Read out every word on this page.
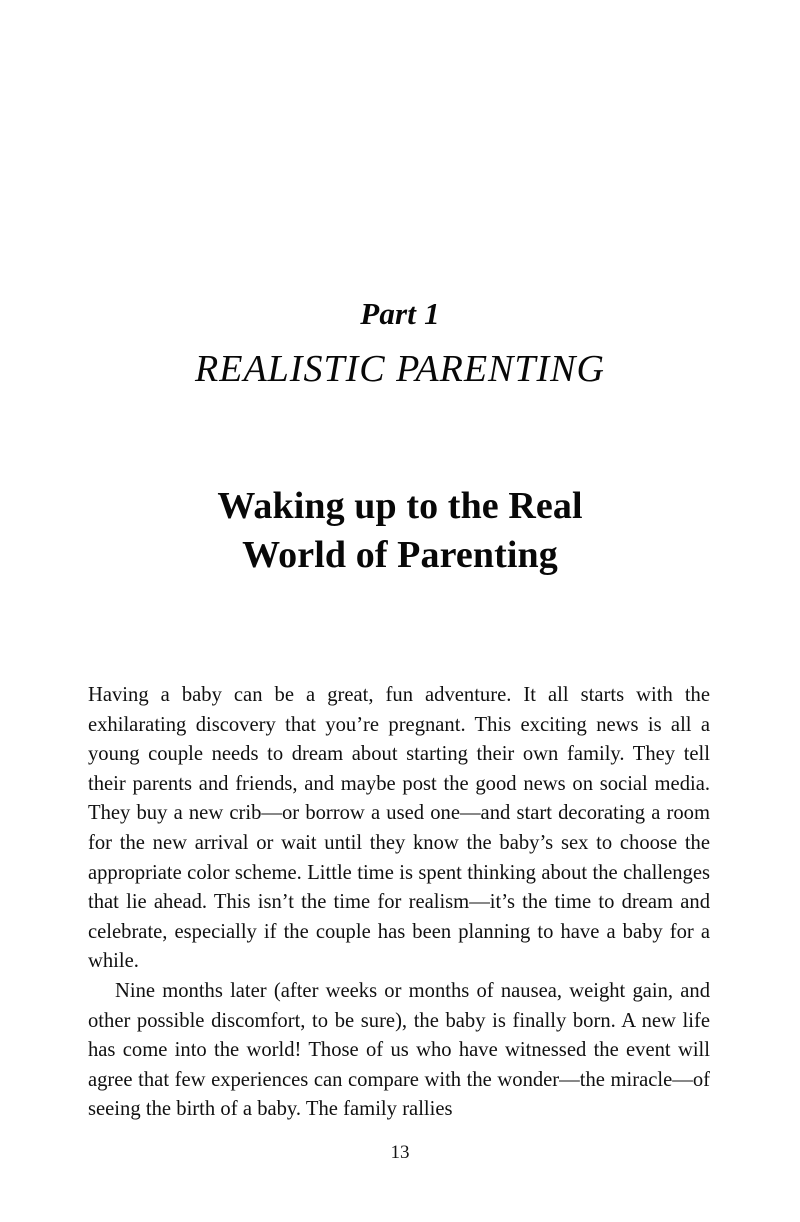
Part 1
REALISTIC PARENTING
Waking up to the Real
World of Parenting

Having a baby can be a great, fun adventure. It all starts with the exhilarating discovery that you’re pregnant. This exciting news is all a young couple needs to dream about starting their own family. They tell their parents and friends, and maybe post the good news on social media. They buy a new crib—or borrow a used one—and start decorating a room for the new arrival or wait until they know the baby’s sex to choose the appropriate color scheme. Little time is spent thinking about the challenges that lie ahead. This isn’t the time for realism—it’s the time to dream and celebrate, especially if the couple has been planning to have a baby for a while.

Nine months later (after weeks or months of nausea, weight gain, and other possible discomfort, to be sure), the baby is finally born. A new life has come into the world! Those of us who have witnessed the event will agree that few experiences can compare with the wonder—the miracle—of seeing the birth of a baby. The family rallies

13
